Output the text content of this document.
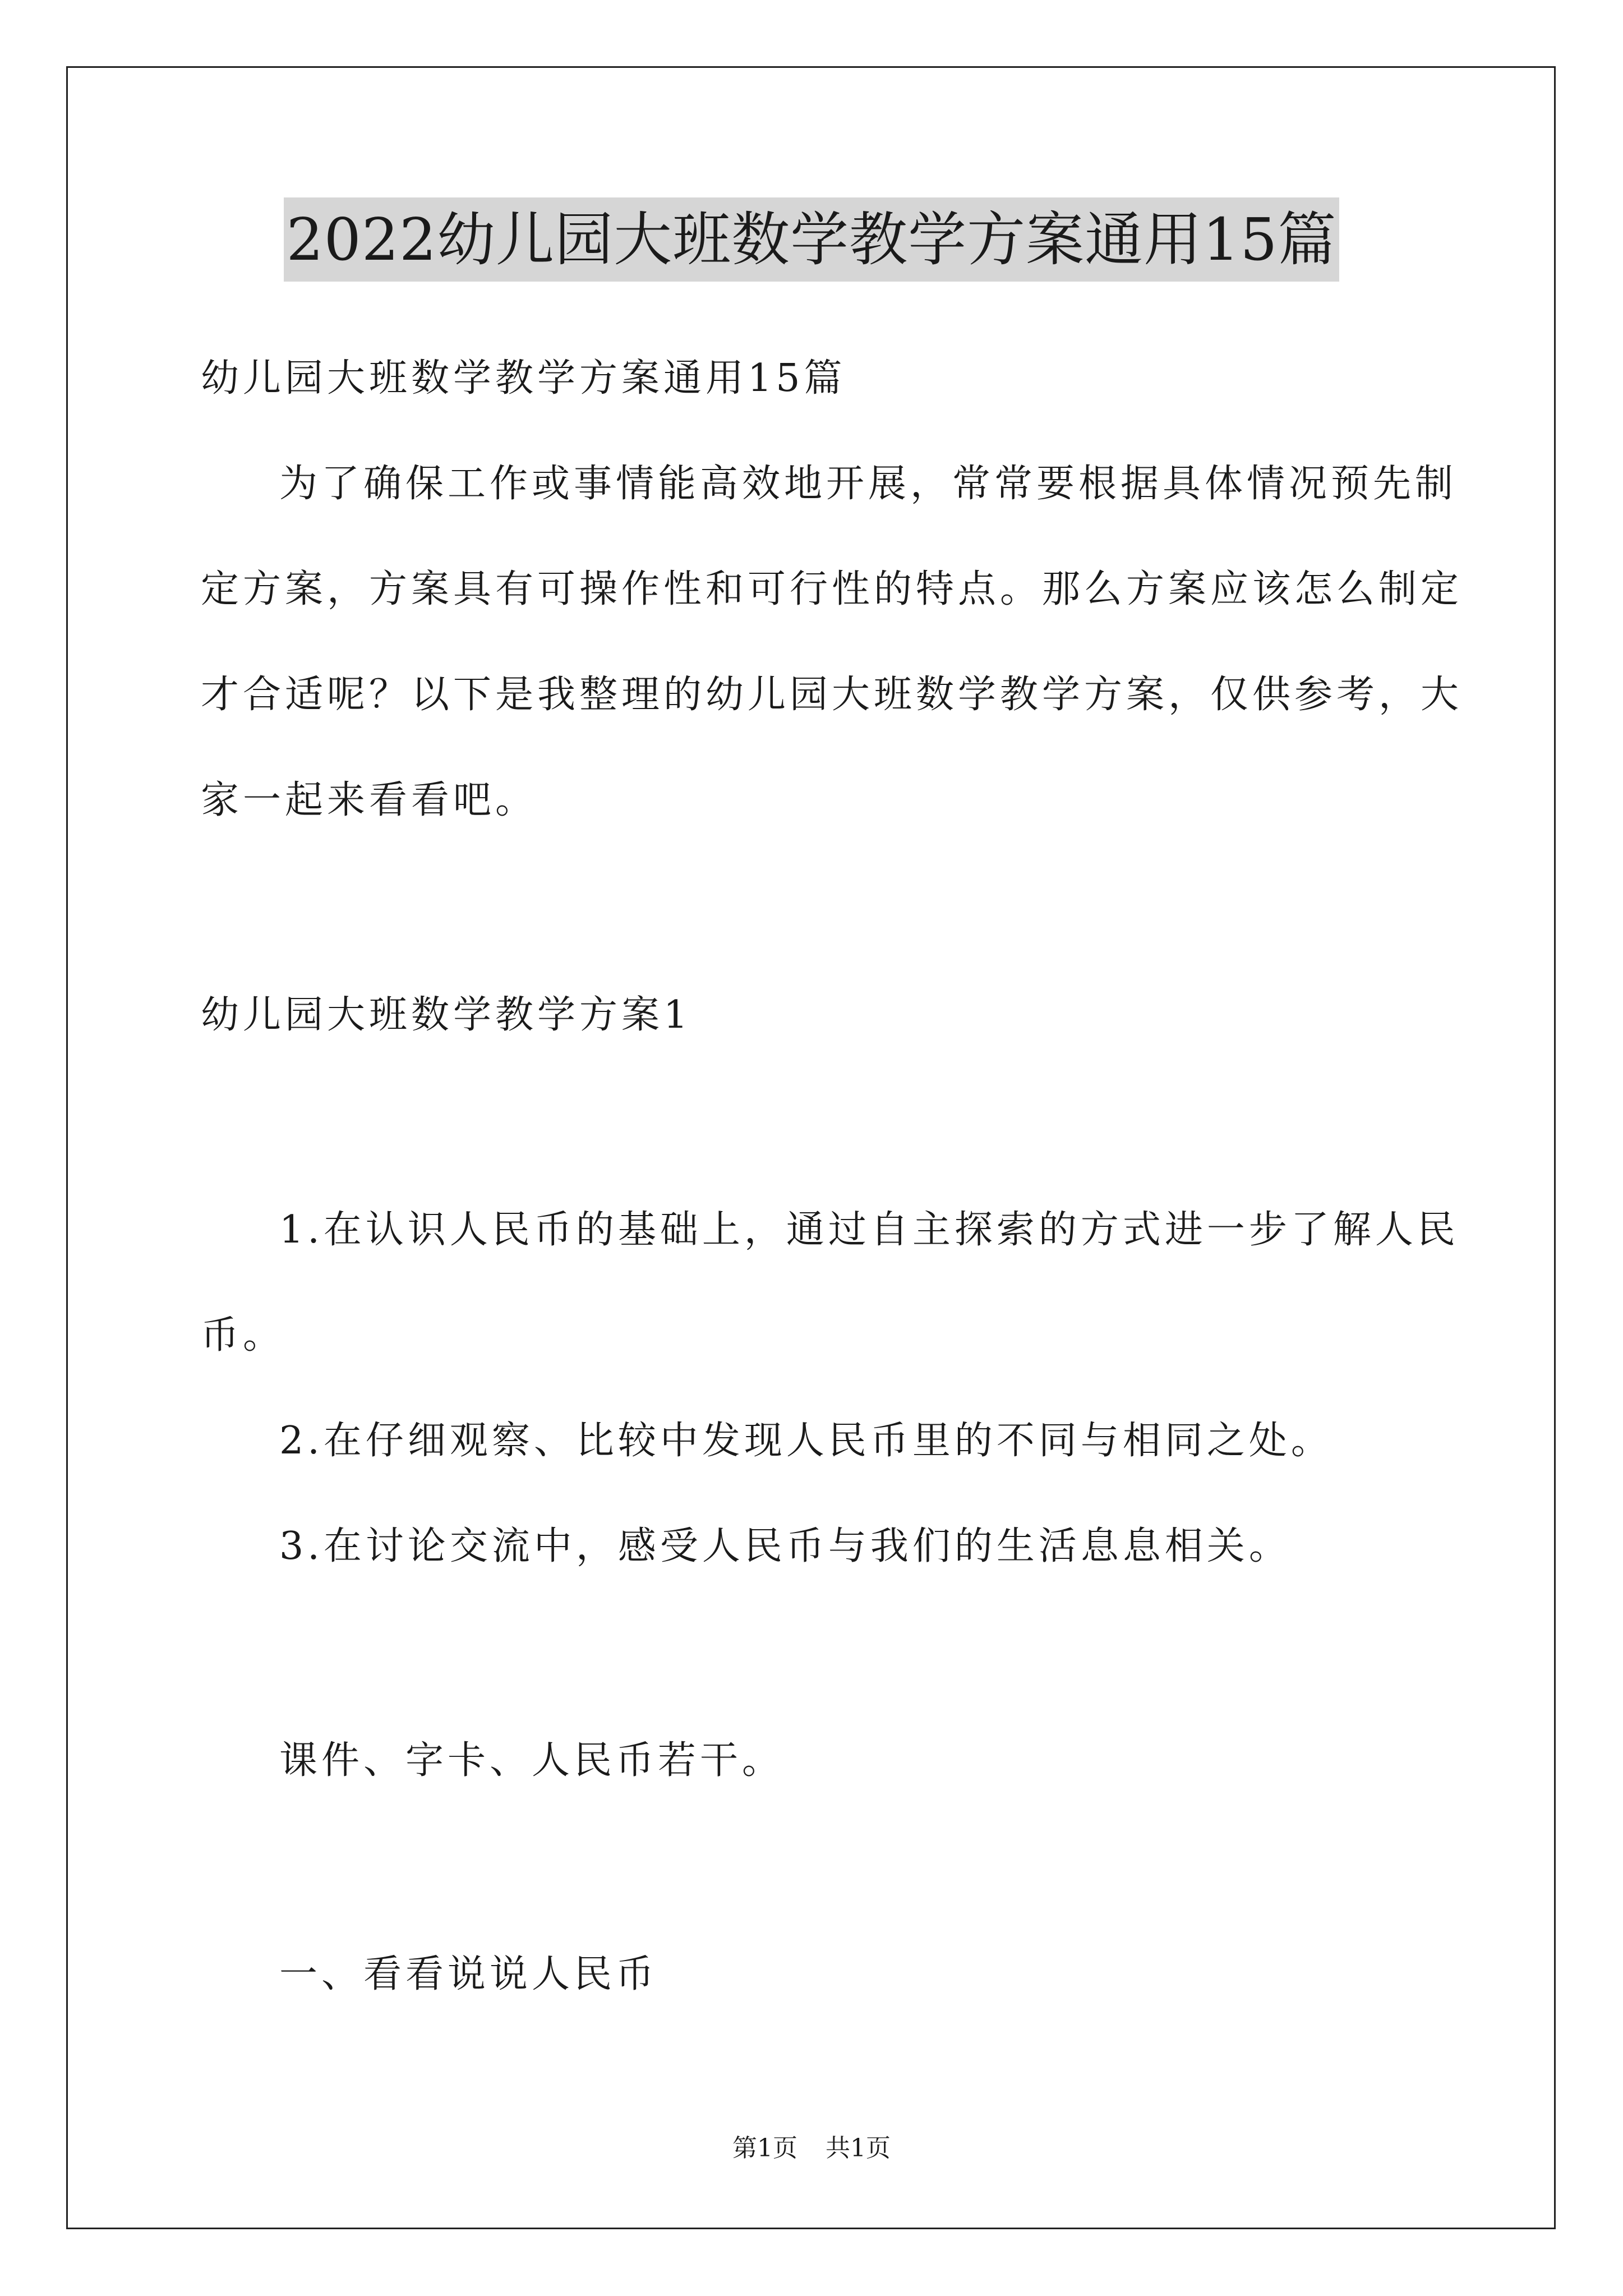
2022幼儿园大班数学教学方案通用15篇

幼儿园大班数学教学方案通用15篇

为了确保工作或事情能高效地开展，常常要根据具体情况预先制

定方案，方案具有可操作性和可行性的特点。那么方案应该怎么制定

才合适呢？以下是我整理的幼儿园大班数学教学方案，仅供参考，大

家一起来看看吧。

幼儿园大班数学教学方案1

1.在认识人民币的基础上，通过自主探索的方式进一步了解人民

币。

2.在仔细观察、比较中发现人民币里的不同与相同之处。

3.在讨论交流中，感受人民币与我们的生活息息相关。

课件、字卡、人民币若干。

一、看看说说人民币

第1页 共1页
